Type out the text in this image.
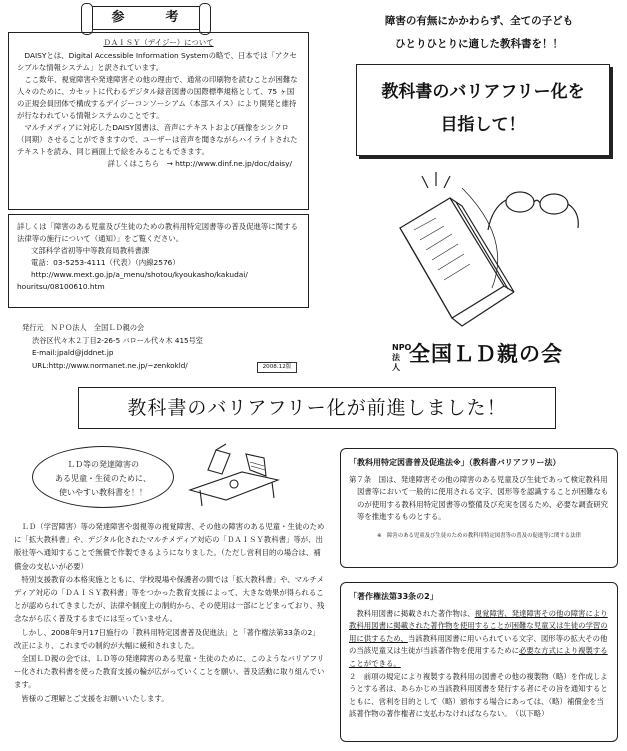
参　考
ＤＡＩＳＹ（デイジー）について

DAISYとは、Digital Accessible Information Systemの略で、日本では「アクセシブルな情報システム」と訳されています。

ここ数年、視覚障害や発達障害その他の理由で、通常の印刷物を読むことが困難な人々のために、カセットに代わるデジタル録音図書の国際標準規格として、75 ヶ国の正規会員団体で構成するデイジーコンソーシアム（本部スイス）により開発と維持が行なわれている情報システムのことです。

マルチメディアに対応したDAISY図書は、音声にテキストおよび画像をシンクロ（同期）させることができますので、ユーザーは音声を聞きながらハイライトされたテキストを読み、同じ画面上で絵をみることもできます。

詳しくはこちら　→ http://www.dinf.ne.jp/doc/daisy/
詳しくは「障害のある児童及び生徒のための教科用特定図書等の普及促進等に関する法律等の施行について（通知）」をご覧ください。
文部科学省初等中等教育局教科書課
電話：03-5253-4111（代表）（内線2576）
http://www.mext.go.jp/a_menu/shotou/kyoukasho/kakudai/
houritsu/08100610.htm
発行元　ＮＰＯ法人　全国ＬＤ親の会
渋谷区代々木２丁目2-26-5 バロール代々木 415号室
E-mail:jpald@jddnet.jp
URL:http://www.normanet.ne.jp/~zenkokld/	2008.12版
障害の有無にかかわらず、全ての子ども
ひとりひとりに適した教科書を！！
教科書のバリアフリー化を
目指して！
NPO法人
全国ＬＤ親の会
教科書のバリアフリー化が前進しました！
ＬＤ等の発達障害の
ある児童・生徒のために、
使いやすい教科書を！！

ＬＤ（学習障害）等の発達障害や弱視等の視覚障害、その他の障害のある児童・生徒のために「拡大教科書」や、デジタル化されたマルチメディア対応の「ＤＡＩＳＹ教科書」等が、出版社等へ通知することで無償で作製できるようになりました。（ただし営利目的の場合は、補償金の支払いが必要）

特別支援教育の本格実施とともに、学校現場や保護者の間では「拡大教科書」や、マルチメディア対応の「ＤＡＩＳＹ教科書」等をつかった教育支援によって、大きな効果が得られることが認められてきましたが、法律や制度上の制約から、その使用は一部にとどまっており、残念ながら広く普及するまでには至っていません。

しかし、2008年9月17日施行の「教科用特定図書普及促進法」と「著作権法第33条の2」改正により、これまでの制約が大幅に緩和されました。

全国ＬＤ親の会では、ＬＤ等の発達障害のある児童・生徒のために、このようなバリアフリー化された教科書を使った教育支援の輪が広がっていくことを願い、普及活動に取り組んでいます。

皆様のご理解とご支援をお願いいたします。

「教科用特定図書普及促進法※」（教科書バリアフリー法）
第７条　国は、発達障害その他の障害のある児童及び生徒であって検定教科用図書等において一般的に使用される文字、図形等を認識することが困難なものが使用する教科用特定図書等の整備及び充実を図るため、必要な調査研究等を推進するものとする。
※　障害のある児童及び生徒のための教科用特定図書等の普及の促進等に関する法律
「著作権法第33条の2」

教科用図書に掲載された著作物は、視覚障害、発達障害その他の障害により教科用図書に掲載された著作物を使用することが困難な児童又は生徒の学習の用に供するため、当該教科用図書に用いられている文字、図形等の拡大その他の当該児童又は生徒が当該著作物を使用するために必要な方式により複製することができる。

２　前項の規定により複製する教科用の図書その他の複製物（略）を作成しようとする者は、あらかじめ当該教科用図書を発行する者にその旨を通知するとともに、営利を目的として（略）頒布する場合にあっては、（略）補償金を当該著作物の著作権者に支払わなければならない。　（以下略）
